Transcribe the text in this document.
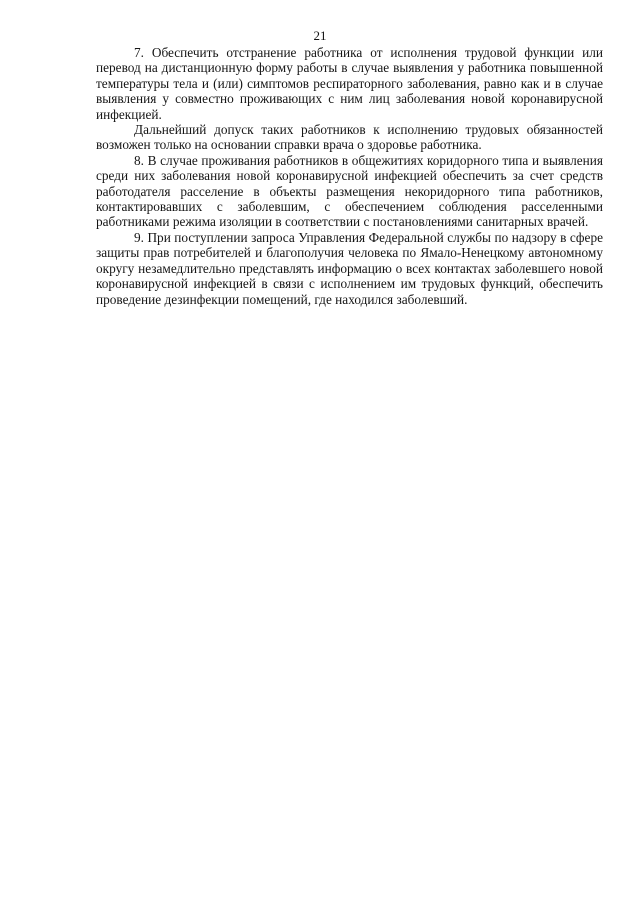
21

7. Обеспечить отстранение работника от исполнения трудовой функции или перевод на дистанционную форму работы в случае выявления у работника повышенной температуры тела и (или) симптомов респираторного заболевания, равно как и в случае выявления у совместно проживающих с ним лиц заболевания новой коронавирусной инфекцией.

Дальнейший допуск таких работников к исполнению трудовых обязанностей возможен только на основании справки врача о здоровье работника.

8. В случае проживания работников в общежитиях коридорного типа и выявления среди них заболевания новой коронавирусной инфекцией обеспечить за счет средств работодателя расселение в объекты размещения некоридорного типа работников, контактировавших с заболевшим, с обеспечением соблюдения расселенными работниками режима изоляции в соответствии с постановлениями санитарных врачей.

9. При поступлении запроса Управления Федеральной службы по надзору в сфере защиты прав потребителей и благополучия человека по Ямало-Ненецкому автономному округу незамедлительно представлять информацию о всех контактах заболевшего новой коронавирусной инфекцией в связи с исполнением им трудовых функций, обеспечить проведение дезинфекции помещений, где находился заболевший.
